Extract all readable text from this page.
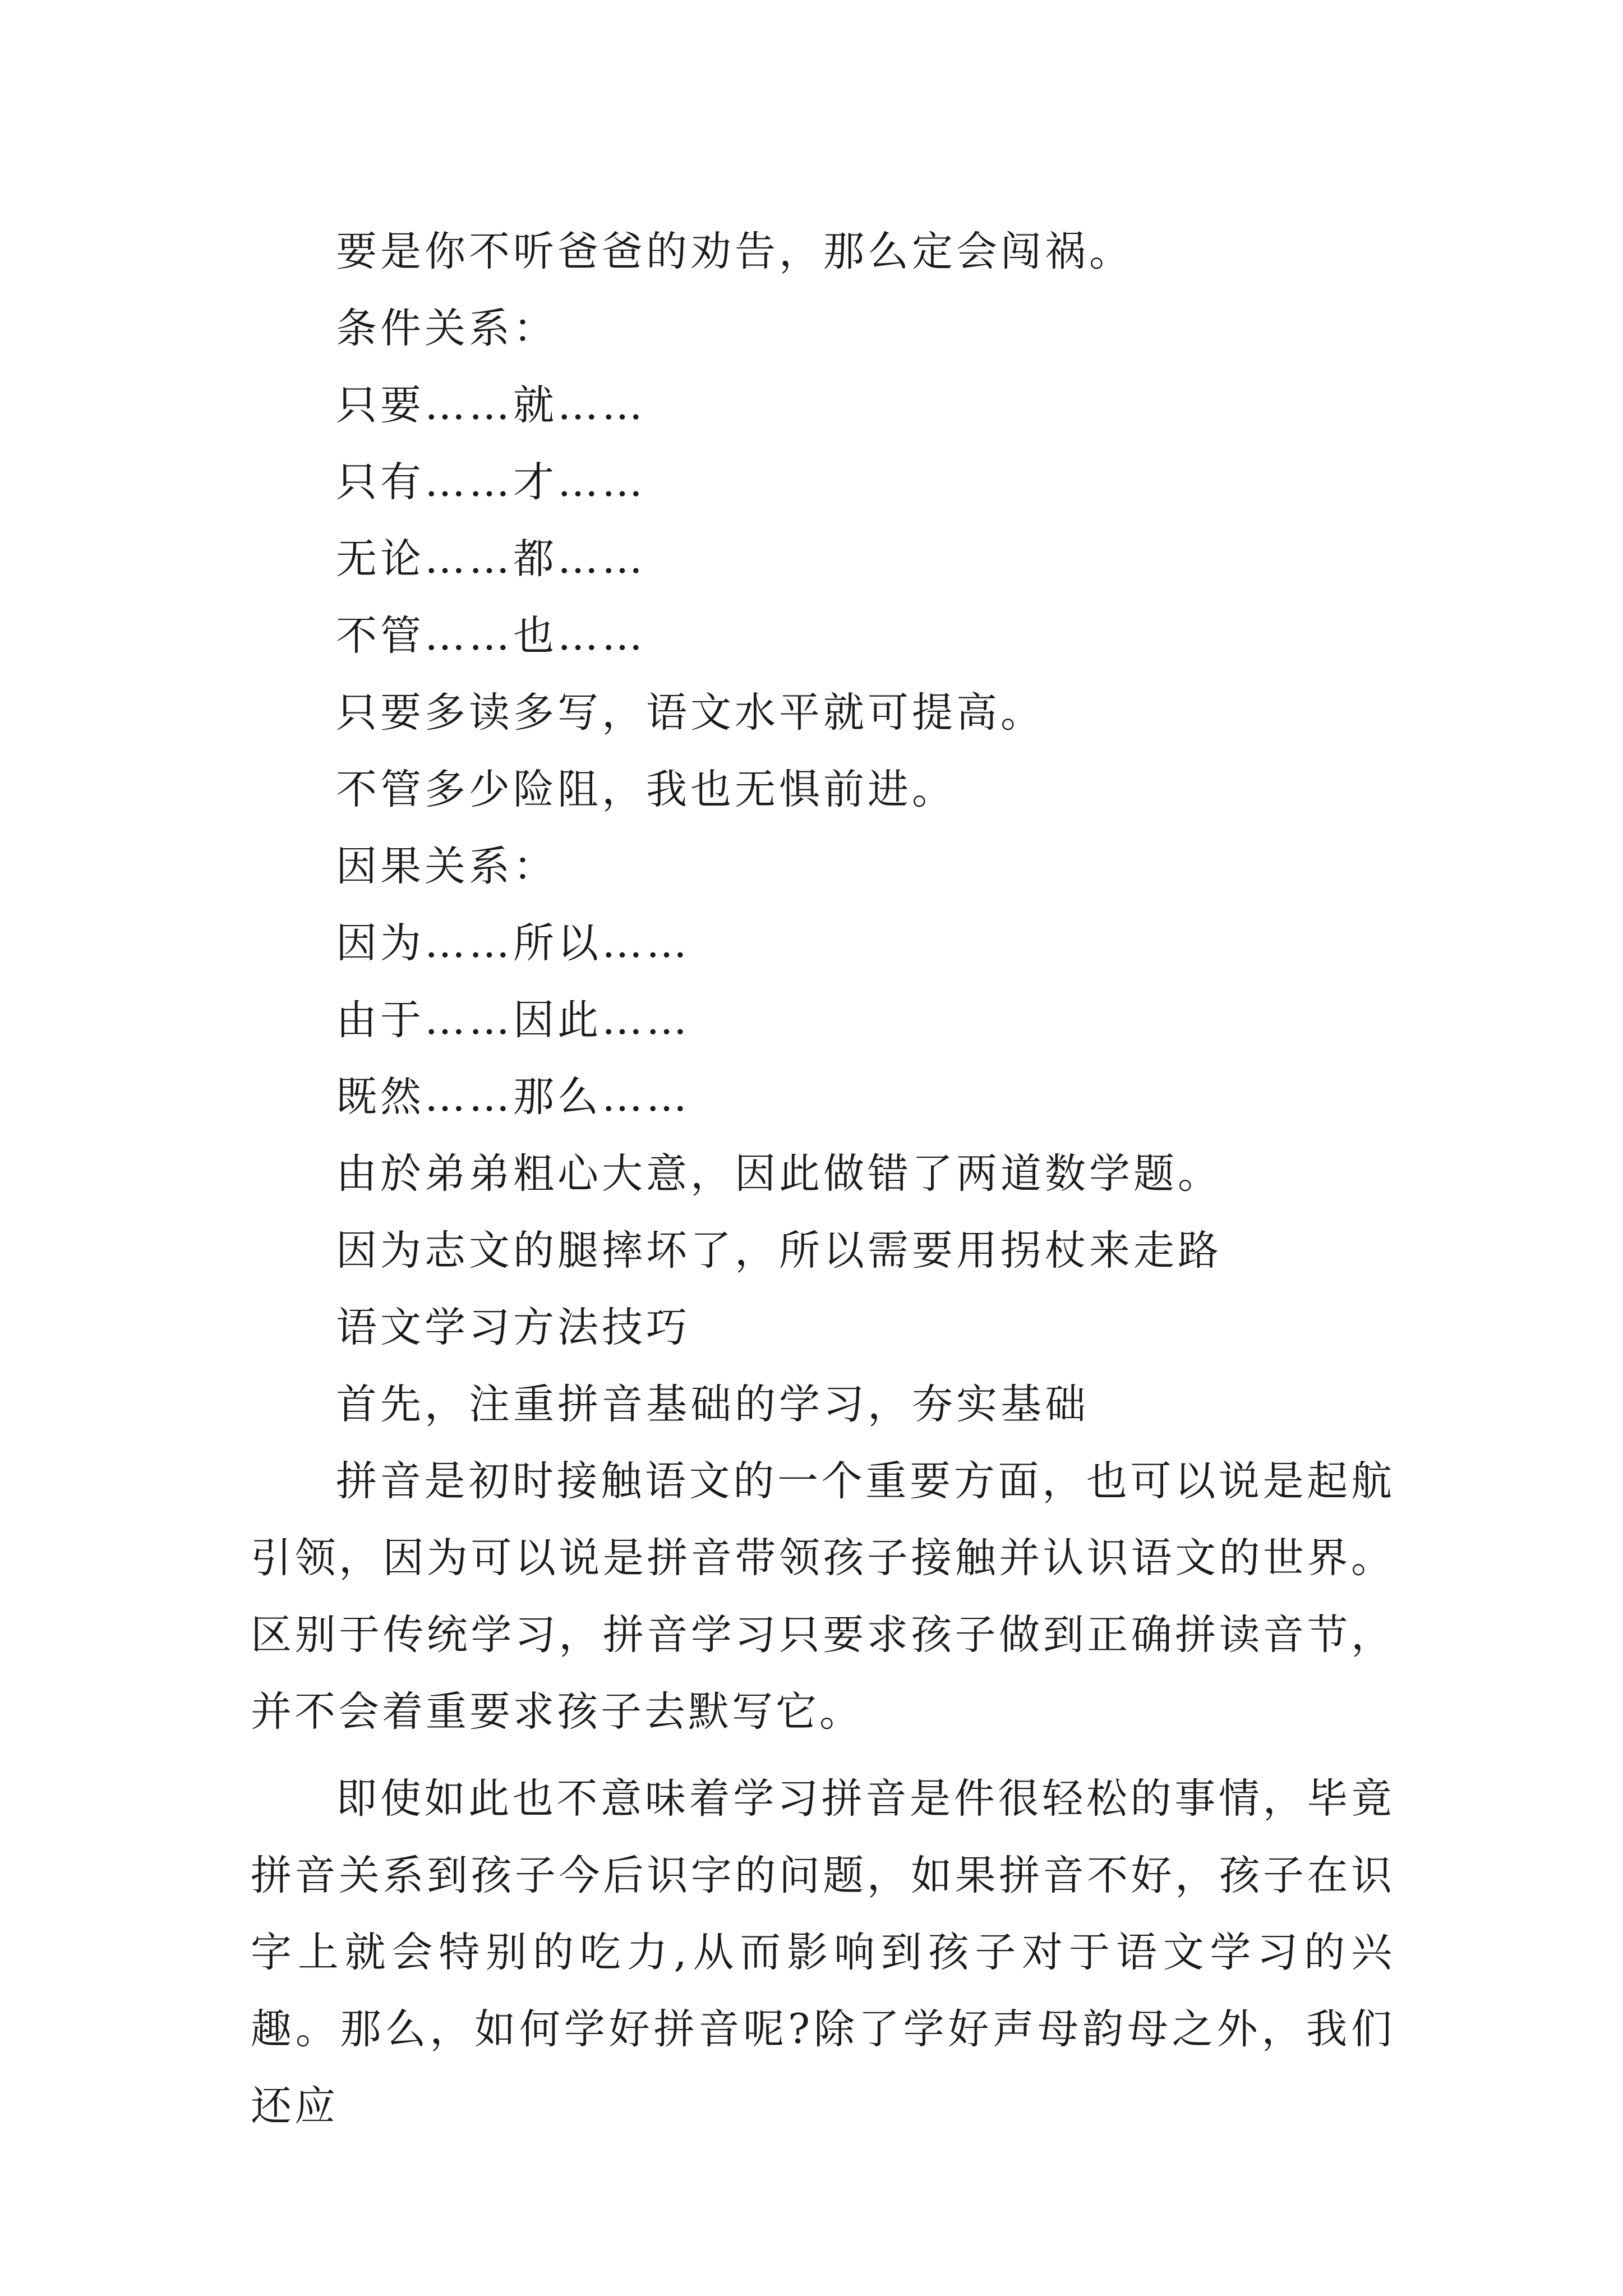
要是你不听爸爸的劝告，那么定会闯祸。
条件关系：
只要……就……
只有……才……
无论……都……
不管……也……
只要多读多写，语文水平就可提高。
不管多少险阻，我也无惧前进。
因果关系：
因为……所以……
由于……因此……
既然……那么……
由於弟弟粗心大意，因此做错了两道数学题。
因为志文的腿摔坏了，所以需要用拐杖来走路
语文学习方法技巧
首先，注重拼音基础的学习，夯实基础

拼音是初时接触语文的一个重要方面，也可以说是起航引领，因为可以说是拼音带领孩子接触并认识语文的世界。区别于传统学习，拼音学习只要求孩子做到正确拼读音节，并不会着重要求孩子去默写它。

即使如此也不意味着学习拼音是件很轻松的事情，毕竟拼音关系到孩子今后识字的问题，如果拼音不好，孩子在识字上就会特别的吃力,从而影响到孩子对于语文学习的兴趣。那么，如何学好拼音呢?除了学好声母韵母之外，我们还应
